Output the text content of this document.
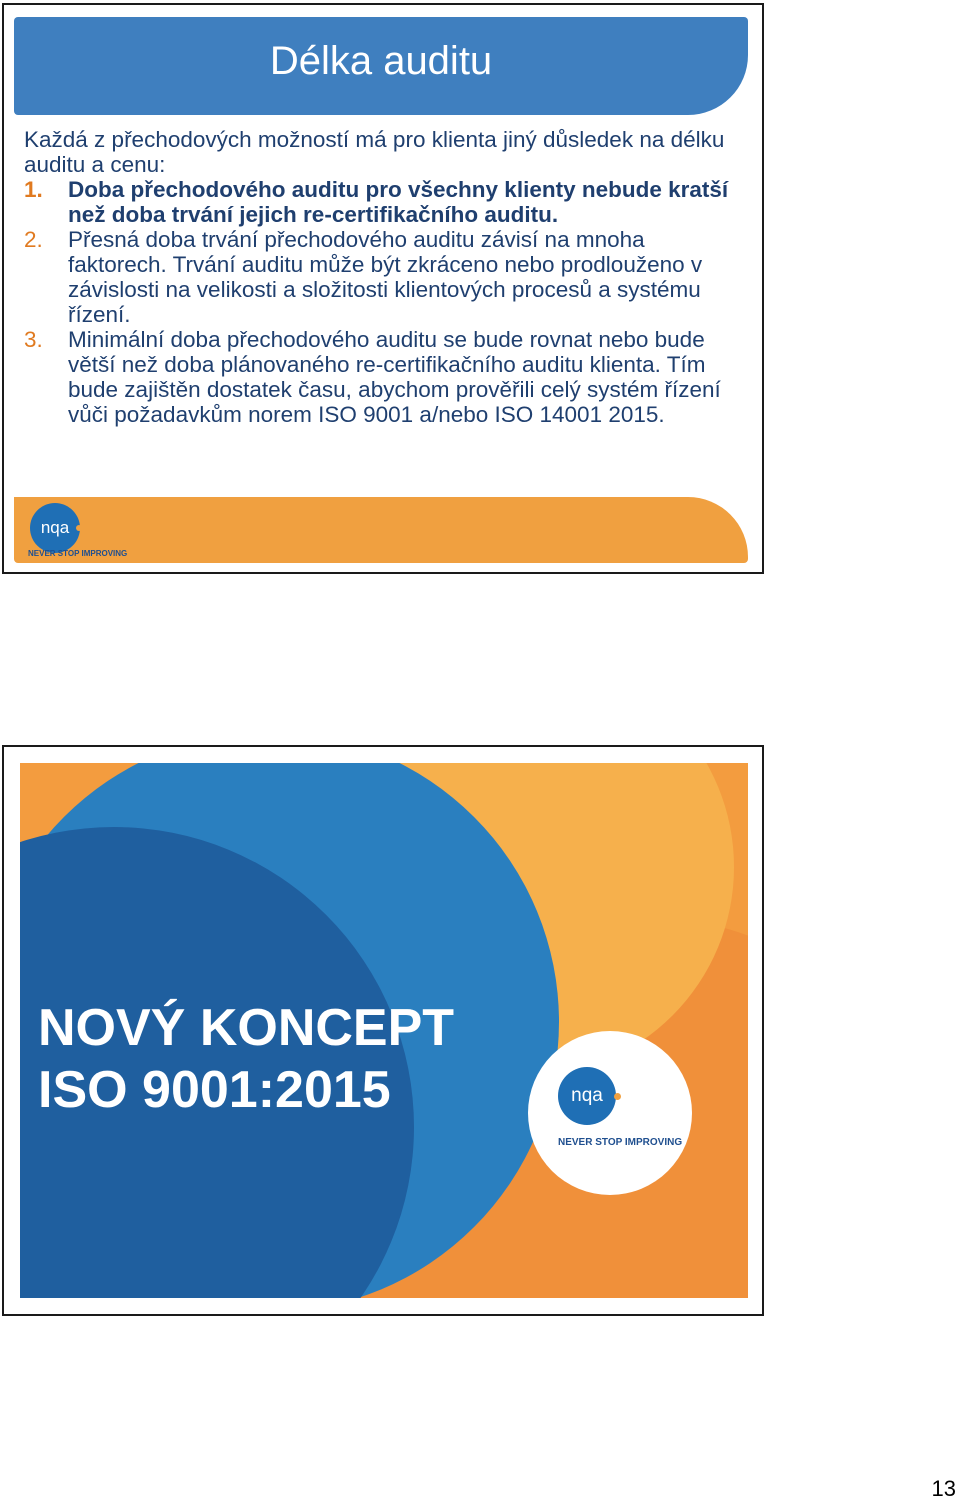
Délka auditu

Každá z přechodových možností má pro klienta jiný důsledek na délku auditu a cenu:

1. Doba přechodového auditu pro všechny klienty nebude kratší než doba trvání jejich re-certifikačního auditu.
2. Přesná doba trvání přechodového auditu závisí na mnoha faktorech. Trvání auditu může být zkráceno nebo prodlouženo v závislosti na velikosti a složitosti klientových procesů a systému řízení.
3. Minimální doba přechodového auditu se bude rovnat nebo bude větší než doba plánovaného re-certifikačního auditu klienta. Tím bude zajištěn dostatek času, abychom prověřili celý systém řízení vůči požadavkům norem ISO 9001 a/nebo ISO 14001 2015.
nqa
NEVER STOP IMPROVING
NOVÝ KONCEPT
ISO 9001:2015	nqa
NEVER STOP IMPROVING
13
